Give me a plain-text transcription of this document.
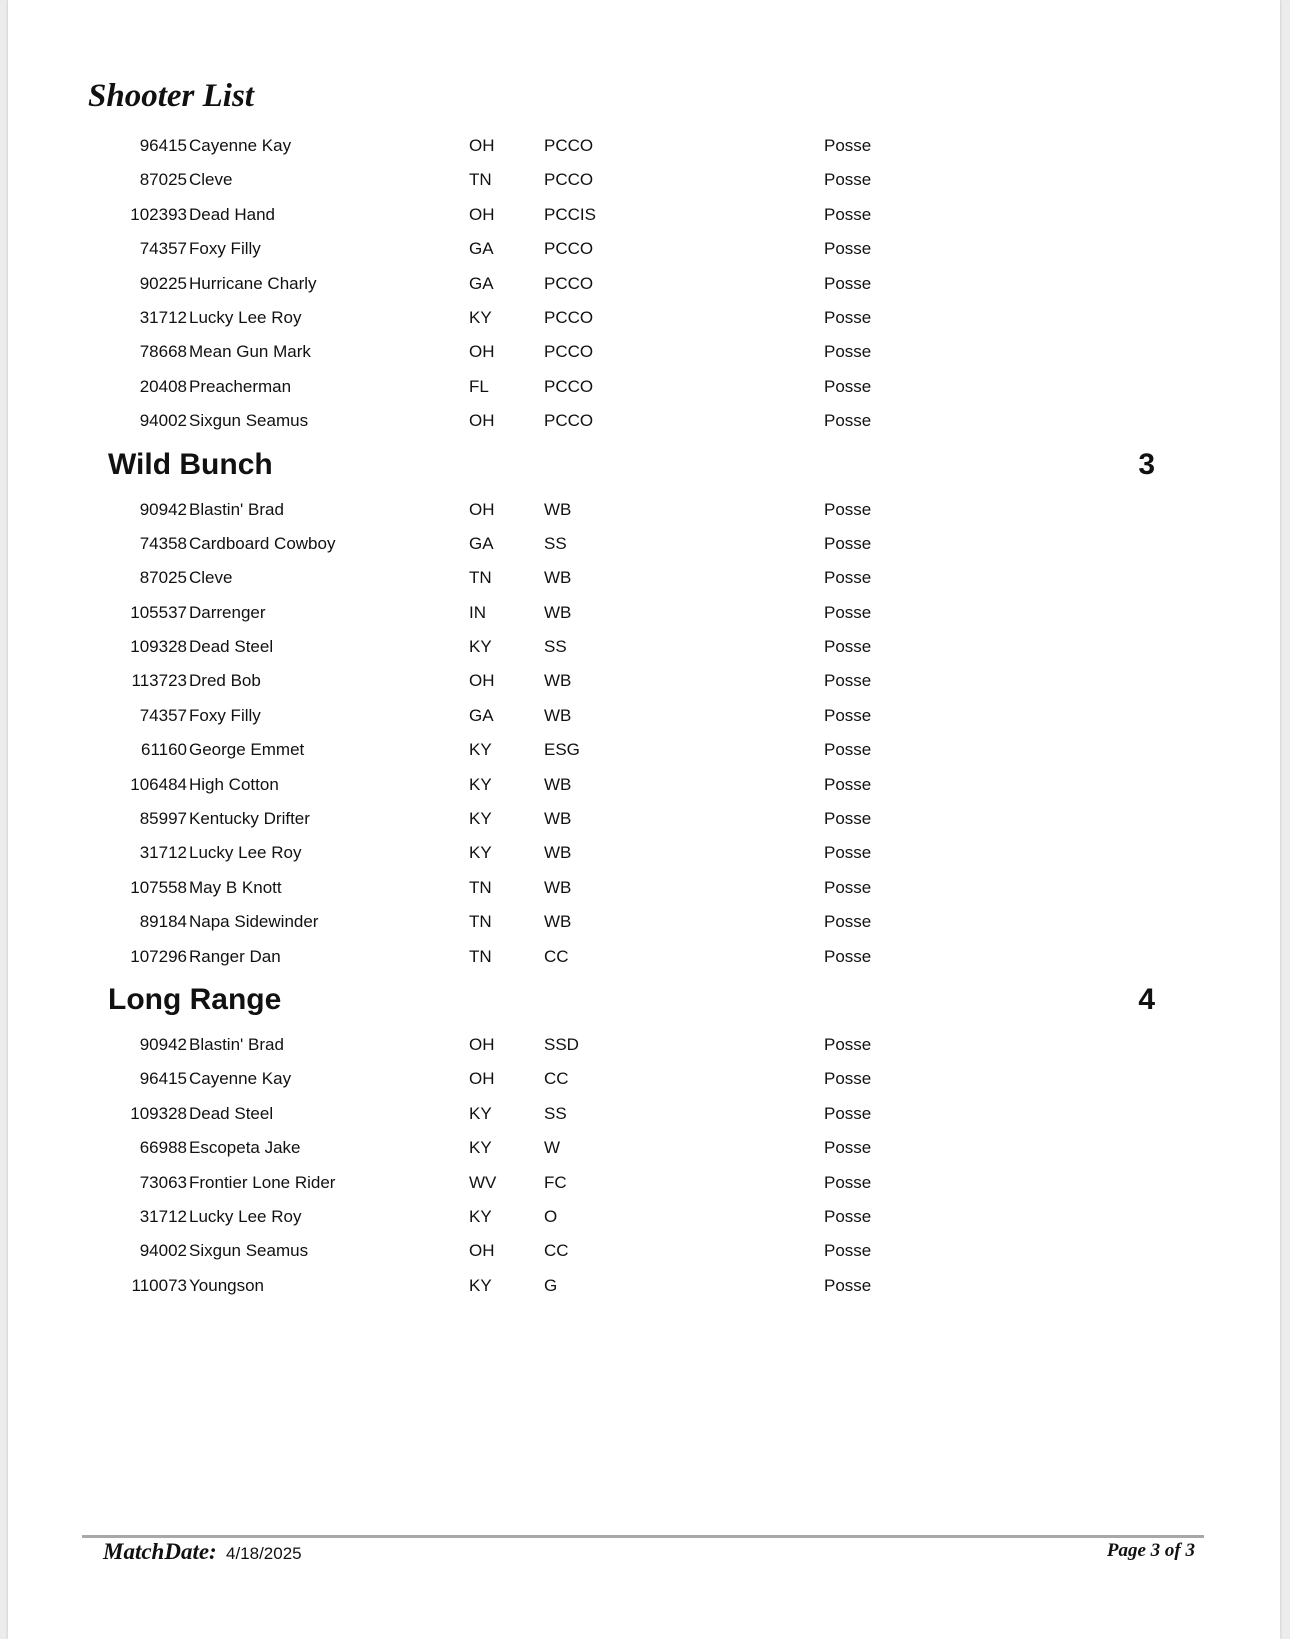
Shooter List
96415 Cayenne Kay	OH	PCCO	Posse
87025 Cleve	TN	PCCO	Posse
102393 Dead Hand	OH	PCCIS	Posse
74357 Foxy Filly	GA	PCCO	Posse
90225 Hurricane Charly	GA	PCCO	Posse
31712 Lucky Lee Roy	KY	PCCO	Posse
78668 Mean Gun Mark	OH	PCCO	Posse
20408 Preacherman	FL	PCCO	Posse
94002 Sixgun Seamus	OH	PCCO	Posse
Wild Bunch	3
90942 Blastin' Brad	OH	WB	Posse
74358 Cardboard Cowboy	GA	SS	Posse
87025 Cleve	TN	WB	Posse
105537 Darrenger	IN	WB	Posse
109328 Dead Steel	KY	SS	Posse
113723 Dred Bob	OH	WB	Posse
74357 Foxy Filly	GA	WB	Posse
61160 George Emmet	KY	ESG	Posse
106484 High Cotton	KY	WB	Posse
85997 Kentucky Drifter	KY	WB	Posse
31712 Lucky Lee Roy	KY	WB	Posse
107558 May B Knott	TN	WB	Posse
89184 Napa Sidewinder	TN	WB	Posse
107296 Ranger Dan	TN	CC	Posse
Long Range	4
90942 Blastin' Brad	OH	SSD	Posse
96415 Cayenne Kay	OH	CC	Posse
109328 Dead Steel	KY	SS	Posse
66988 Escopeta Jake	KY	W	Posse
73063 Frontier Lone Rider	WV	FC	Posse
31712 Lucky Lee Roy	KY	O	Posse
94002 Sixgun Seamus	OH	CC	Posse
110073 Youngson	KY	G	Posse
MatchDate: 4/18/2025	Page 3 of 3
